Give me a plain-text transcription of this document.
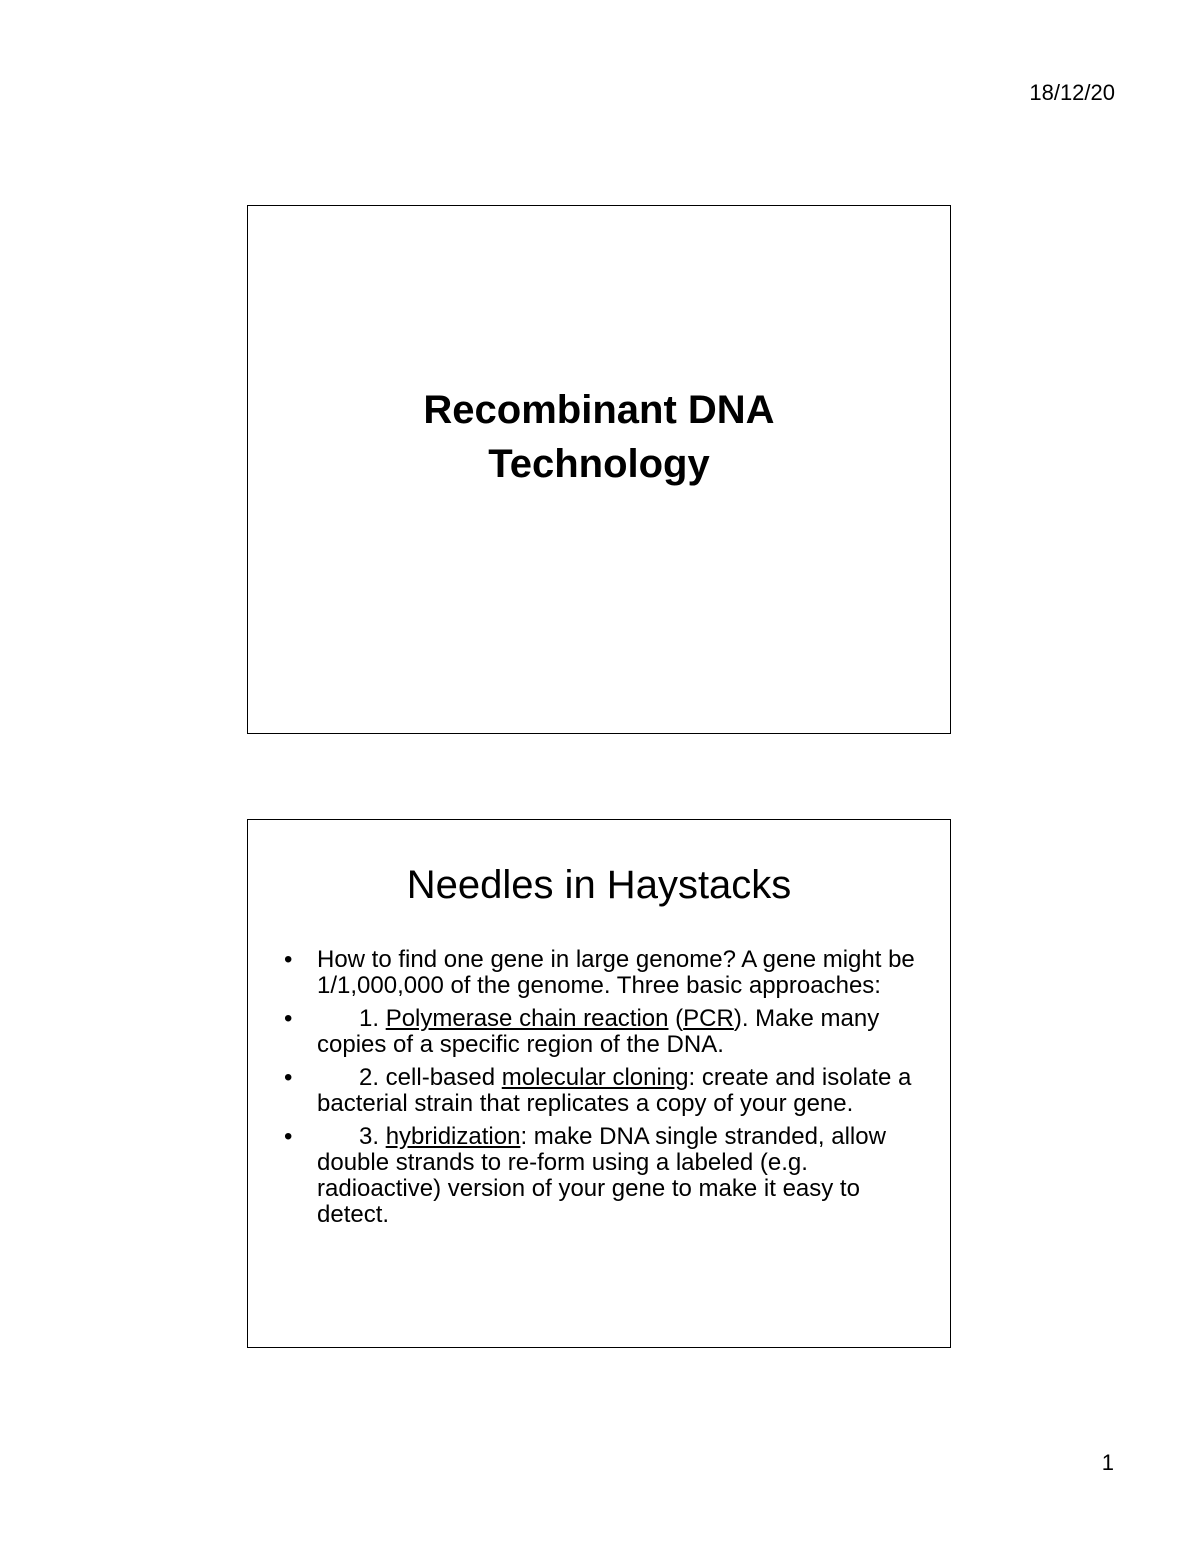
18/12/20
Recombinant DNA
Technology
Needles in Haystacks
• How to find one gene in large genome? A gene might be 1/1,000,000 of the genome. Three basic approaches:
•	1. Polymerase chain reaction (PCR). Make many copies of a specific region of the DNA.
•	2. cell-based molecular cloning: create and isolate a bacterial strain that replicates a copy of your gene.
•	3. hybridization: make DNA single stranded, allow double strands to re-form using a labeled (e.g. radioactive) version of your gene to make it easy to detect.
1
